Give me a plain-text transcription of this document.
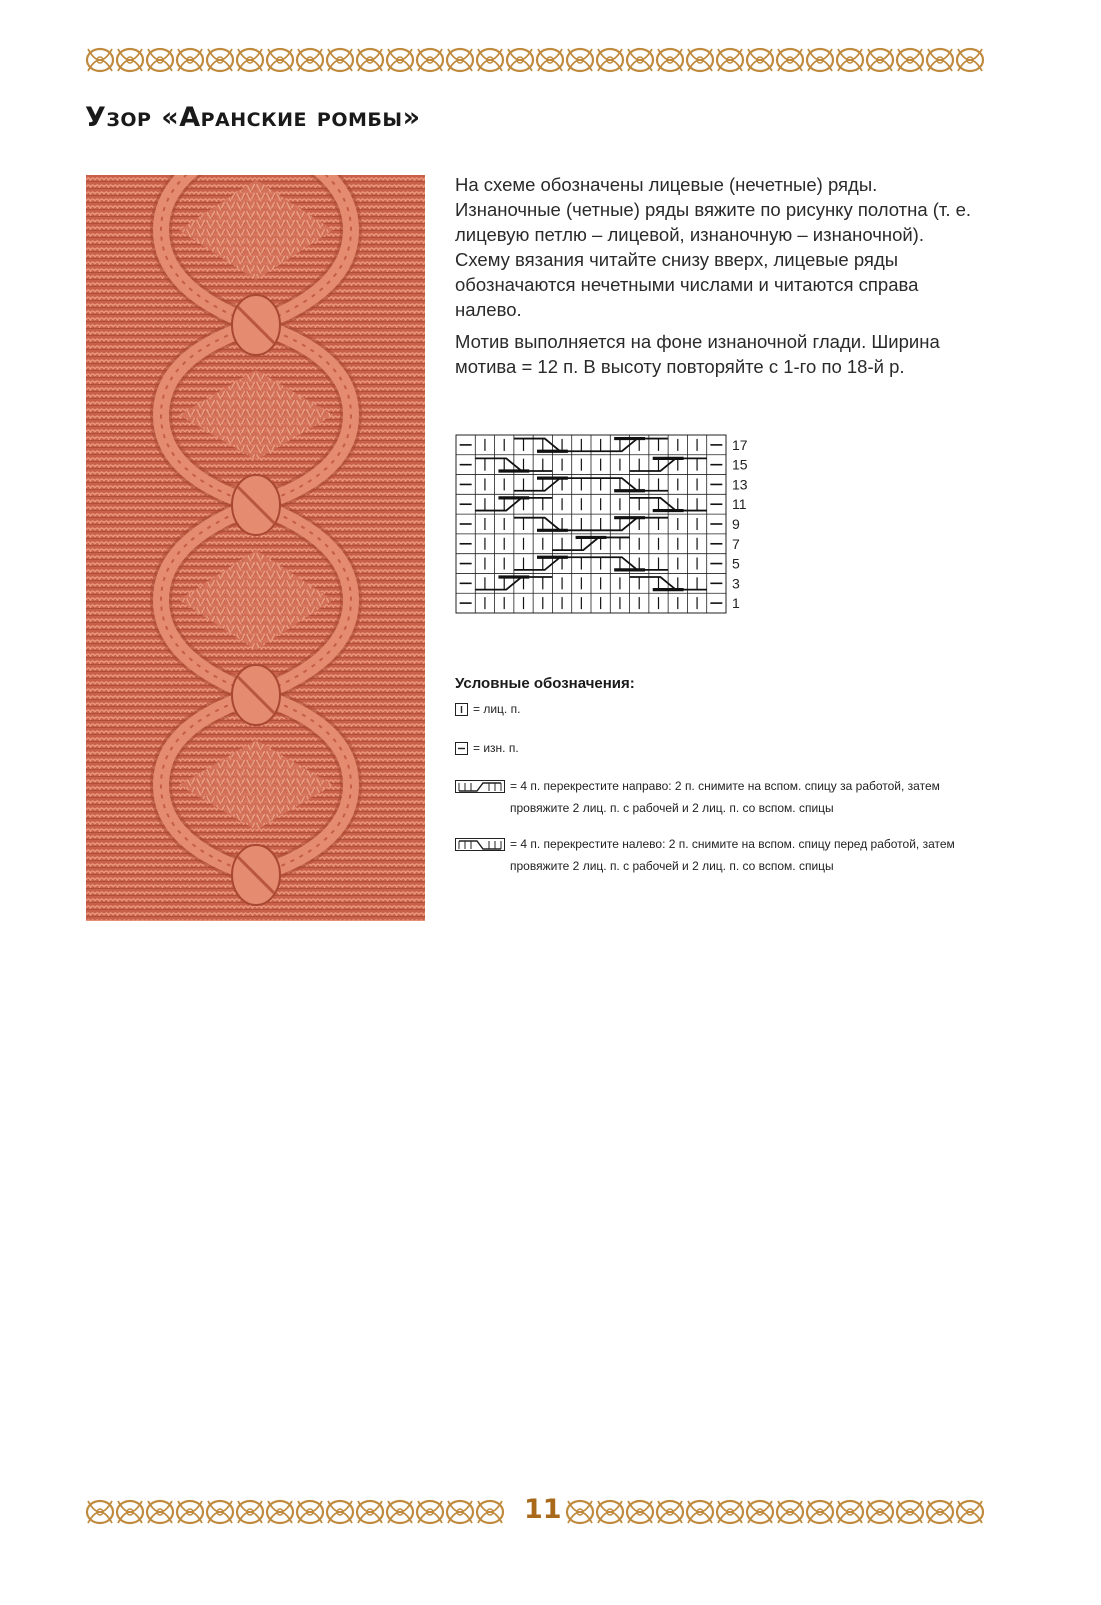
Узор «Аранские ромбы»

На схеме обозначены лицевые (нечетные) ряды. Изнаночные (четные) ряды вяжите по рисунку полотна (т. е. лицевую петлю – лицевой, изнаночную – изнаночной). Схему вязания читайте снизу вверх, лицевые ряды обозначаются нечетными числами и читаются справа налево.

Мотив выполняется на фоне изнаночной глади. Ширина мотива = 12 п. В высоту повторяйте с 1-го по 18-й р.

17
15
13
11
9
7
5
3
1
Условные обозначения:
= лиц. п.
= изн. п.
= 4 п. перекрестите направо: 2 п. снимите на вспом. спицу за работой, затем
провяжите 2 лиц. п. с рабочей и 2 лиц. п. со вспом. спицы
= 4 п. перекрестите налево: 2 п. снимите на вспом. спицу перед работой, затем
провяжите 2 лиц. п. с рабочей и 2 лиц. п. со вспом. спицы
11
